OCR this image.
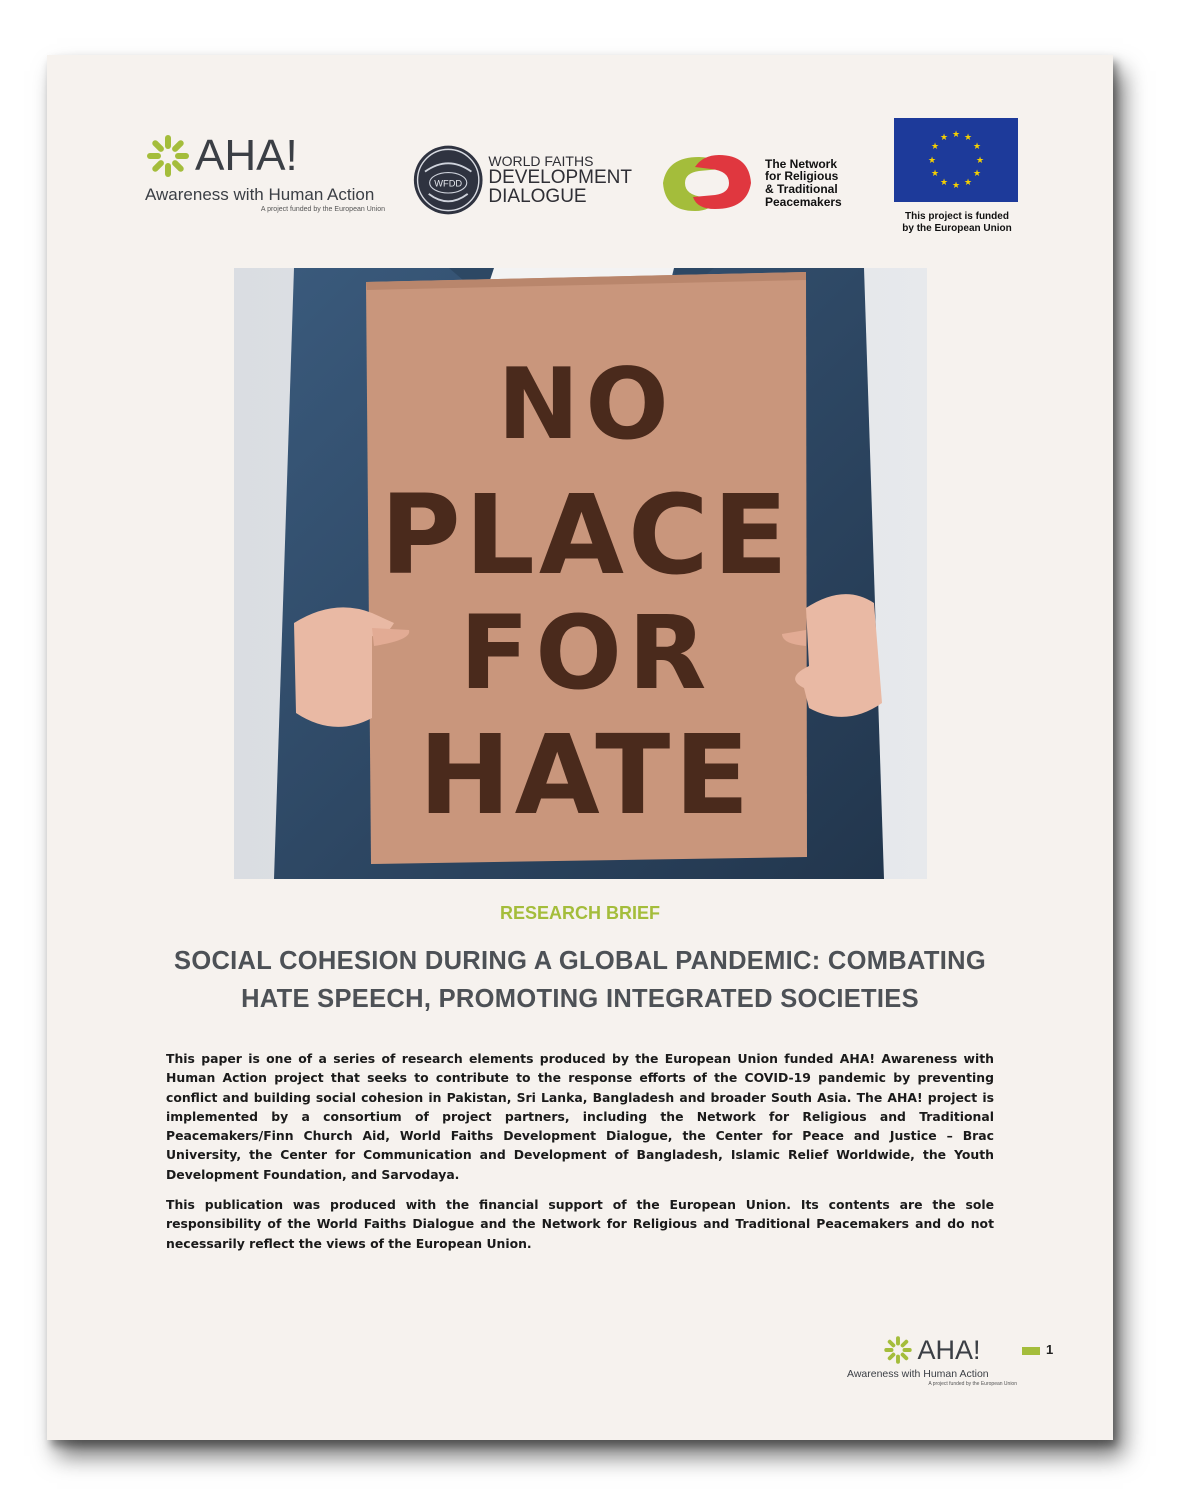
AHA!
Awareness with Human Action
A project funded by the European Union
WFDD
WORLD FAITHS
DEVELOPMENT
DIALOGUE
The Network
for Religious
& Traditional
Peacemakers
★ ★
★
★
★
★
★
★
★
★
★
★
This project is funded
by the European Union
NO
PLACE
FOR
HATE
RESEARCH BRIEF
SOCIAL COHESION DURING A GLOBAL PANDEMIC: COMBATING
HATE SPEECH, PROMOTING INTEGRATED SOCIETIES

This paper is one of a series of research elements produced by the European Union funded AHA! Awareness with Human Action project that seeks to contribute to the response efforts of the COVID-19 pandemic by preventing conflict and building social cohesion in Pakistan, Sri Lanka, Bangladesh and broader South Asia. The AHA! project is implemented by a consortium of project partners, including the Network for Religious and Traditional Peacemakers/Finn Church Aid, World Faiths Development Dialogue, the Center for Peace and Justice – Brac University, the Center for Communication and Development of Bangladesh, Islamic Relief Worldwide, the Youth Development Foundation, and Sarvodaya.

This publication was produced with the financial support of the European Union. Its contents are the sole responsibility of the World Faiths Dialogue and the Network for Religious and Traditional Peacemakers and do not necessarily reflect the views of the European Union.

AHA!
Awareness with Human Action
A project funded by the European Union
1
